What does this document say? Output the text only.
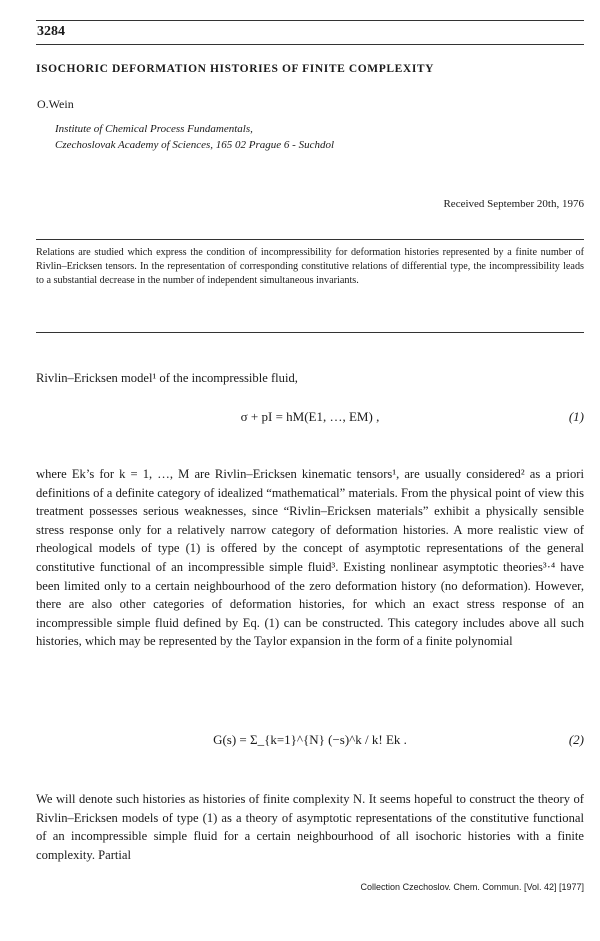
3284
ISOCHORIC DEFORMATION HISTORIES OF FINITE COMPLEXITY
O.Wein
Institute of Chemical Process Fundamentals,
Czechoslovak Academy of Sciences, 165 02 Prague 6 - Suchdol
Received September 20th, 1976
Relations are studied which express the condition of incompressibility for deformation histories represented by a finite number of Rivlin–Ericksen tensors. In the representation of corresponding constitutive relations of differential type, the incompressibility leads to a substantial decrease in the number of independent simultaneous invariants.
Rivlin–Ericksen model¹ of the incompressible fluid,
σ + pI = hM(E1, …, EM) ,	(1)
where Ek’s for k = 1, …, M are Rivlin–Ericksen kinematic tensors¹, are usually considered² as a priori definitions of a definite category of idealized “mathematical” materials. From the physical point of view this treatment possesses serious weaknesses, since “Rivlin–Ericksen materials” exhibit a physically sensible stress response only for a relatively narrow category of deformation histories. A more realistic view of rheological models of type (1) is offered by the concept of asymptotic representations of the general constitutive functional of an incompressible simple fluid³. Existing nonlinear asymptotic theories³·⁴ have been limited only to a certain neighbourhood of the zero deformation history (no deformation). However, there are also other categories of deformation histories, for which an exact stress response of an incompressible simple fluid defined by Eq. (1) can be constructed. This category includes above all such histories, which may be represented by the Taylor expansion in the form of a finite polynomial
G(s) = Σ_{k=1}^{N} (−s)^k / k! Ek .	(2)
We will denote such histories as histories of finite complexity N. It seems hopeful to construct the theory of Rivlin–Ericksen models of type (1) as a theory of asymptotic representations of the constitutive functional of an incompressible simple fluid for a certain neighbourhood of all isochoric histories with a finite complexity. Partial
Collection Czechoslov. Chem. Commun. [Vol. 42] [1977]
